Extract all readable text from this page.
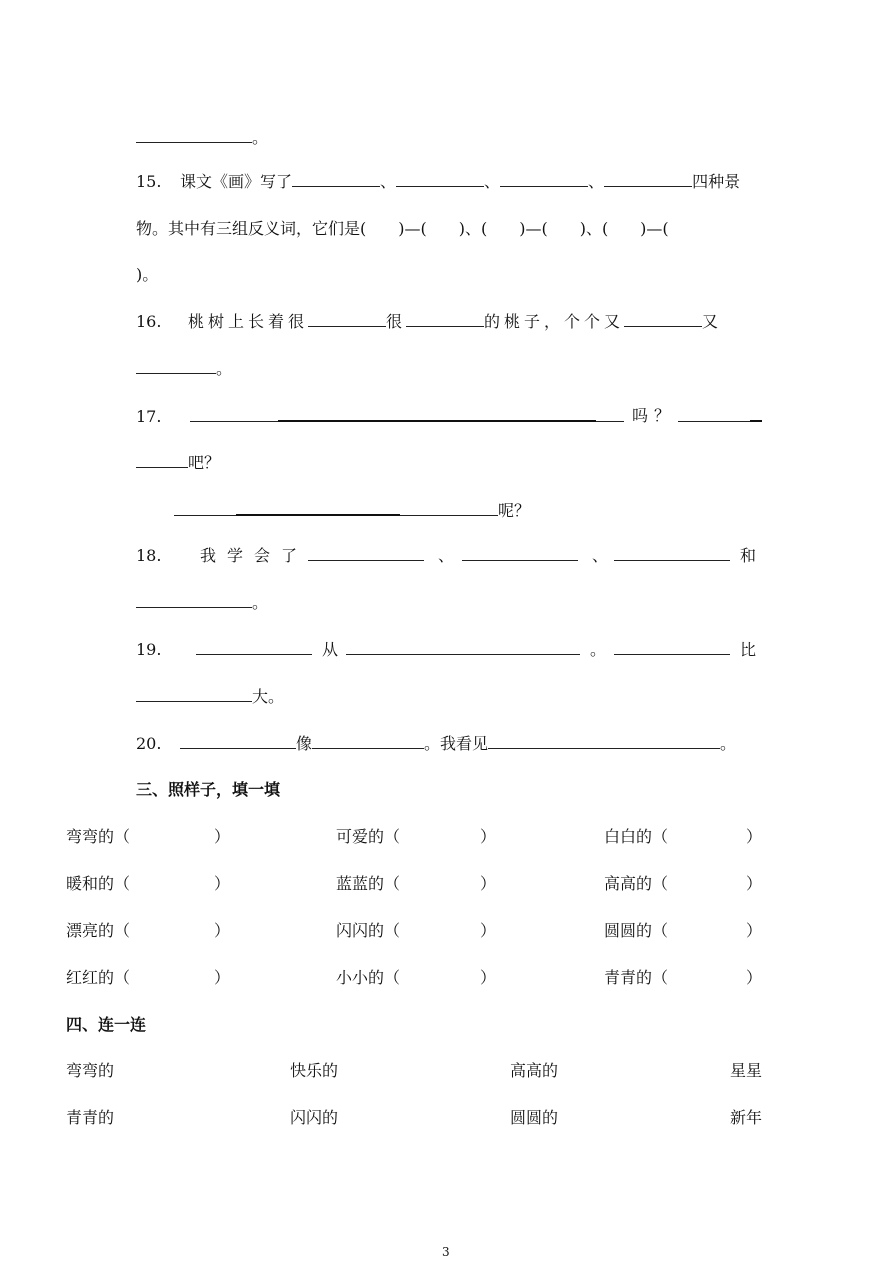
。
15. 课文《画》写了	、	、	、	四种景
物。其中有三组反义词，它们是(　　)—(　　)、(　　)—(　　)、(　　)—(
)。
16. 桃树上长着很	很	的桃子，个个又	又
。
17.	吗？
吧？
呢？
18. 我学会了	、	、	和
。
19.	从	。	比
大。
20.	像	。我看见	。
三、照样子，填一填
弯弯的（	）	可爱的（	）	白白的（	）
暖和的（	）	蓝蓝的（	）	高高的（	）
漂亮的（	）	闪闪的（	）	圆圆的（	）
红红的（	）	小小的（	）	青青的（	）
四、连一连
弯弯的	快乐的	高高的	星星
青青的	闪闪的	圆圆的	新年
3
